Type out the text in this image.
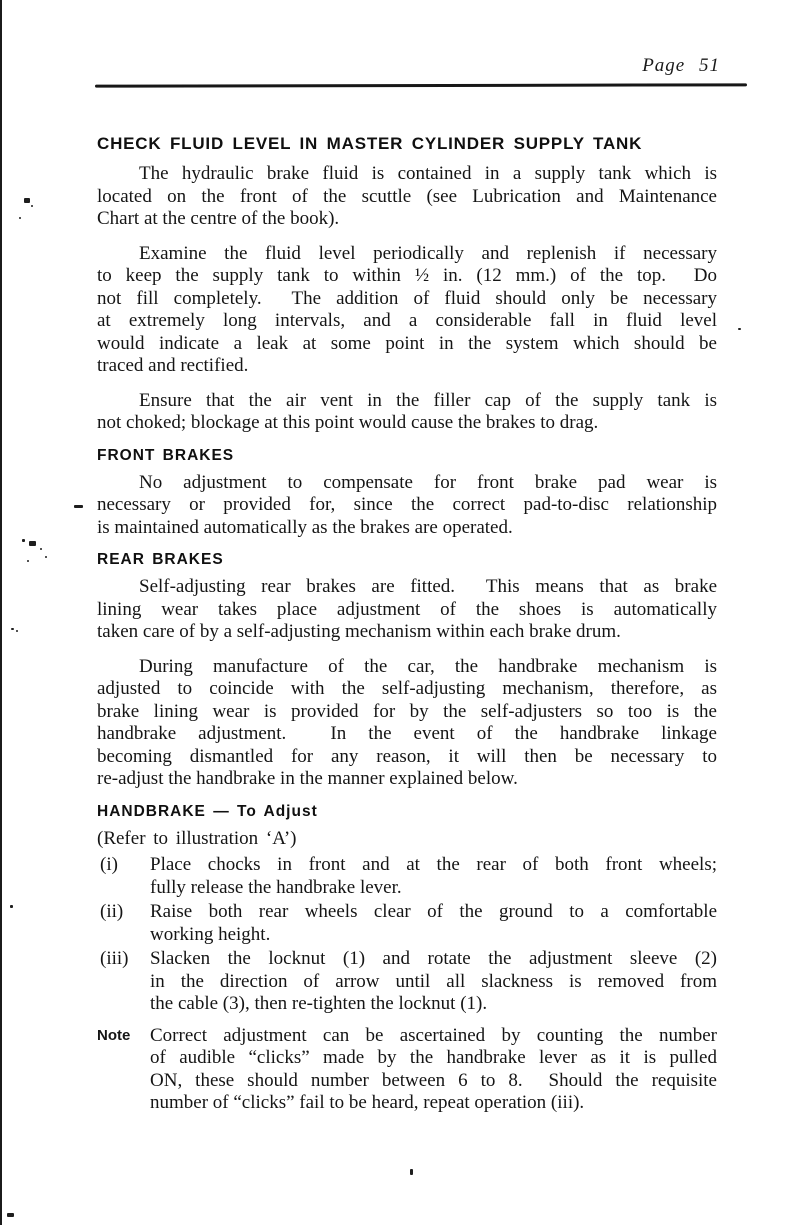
Page 51
CHECK FLUID LEVEL IN MASTER CYLINDER SUPPLY TANK
The hydraulic brake fluid is contained in a supply tank which is
located on the front of the scuttle (see Lubrication and Maintenance
Chart at the centre of the book).
Examine the fluid level periodically and replenish if necessary
to keep the supply tank to within ½ in. (12 mm.) of the top.  Do
not fill completely.  The addition of fluid should only be necessary
at extremely long intervals, and a considerable fall in fluid level
would indicate a leak at some point in the system which should be
traced and rectified.
Ensure that the air vent in the filler cap of the supply tank is
not choked; blockage at this point would cause the brakes to drag.
FRONT BRAKES
No adjustment to compensate for front brake pad wear is
necessary or provided for, since the correct pad-to-disc relationship
is maintained automatically as the brakes are operated.
REAR BRAKES
Self-adjusting rear brakes are fitted.  This means that as brake
lining wear takes place adjustment of the shoes is automatically
taken care of by a self-adjusting mechanism within each brake drum.
During manufacture of the car, the handbrake mechanism is
adjusted to coincide with the self-adjusting mechanism, therefore, as
brake lining wear is provided for by the self-adjusters so too is the
handbrake adjustment.  In the event of the handbrake linkage
becoming dismantled for any reason, it will then be necessary to
re-adjust the handbrake in the manner explained below.
HANDBRAKE — To Adjust
(Refer to illustration ‘A’)
(i)	Place chocks in front and at the rear of both front wheels;
fully release the handbrake lever.
(ii)	Raise both rear wheels clear of the ground to a comfortable
working height.
(iii)	Slacken the locknut (1) and rotate the adjustment sleeve (2)
in the direction of arrow until all slackness is removed from
the cable (3), then re-tighten the locknut (1).
Note	Correct adjustment can be ascertained by counting the number
of audible “clicks” made by the handbrake lever as it is pulled
ON, these should number between 6 to 8.  Should the requisite
number of “clicks” fail to be heard, repeat operation (iii).
